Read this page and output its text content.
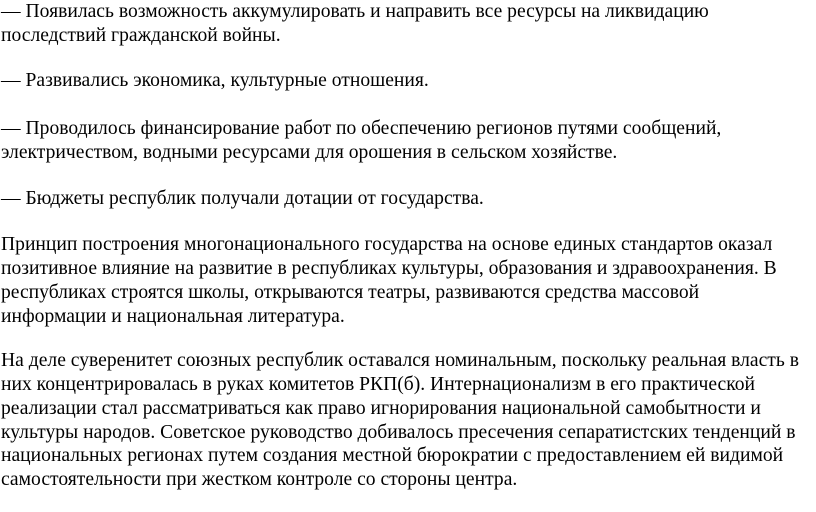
— Появилась возможность аккумулировать и направить все ресурсы на ликвидацию
последствий гражданской войны.
— Развивались экономика, культурные отношения.
— Проводилось финансирование работ по обеспечению регионов путями сообщений,
электричеством, водными ресурсами для орошения в сельском хозяйстве.
— Бюджеты республик получали дотации от государства.
Принцип построения многонационального государства на основе единых стандартов оказал
позитивное влияние на развитие в республиках культуры, образования и здравоохранения. В
республиках строятся школы, открываются театры, развиваются средства массовой
информации и национальная литература.
На деле суверенитет союзных республик оставался номинальным, поскольку реальная власть в
них концентрировалась в руках комитетов РКП(б). Интернационализм в его практической
реализации стал рассматриваться как право игнорирования национальной самобытности и
культуры народов. Советское руководство добивалось пресечения сепаратистских тенденций в
национальных регионах путем создания местной бюрократии с предоставлением ей видимой
самостоятельности при жестком контроле со стороны центра.
